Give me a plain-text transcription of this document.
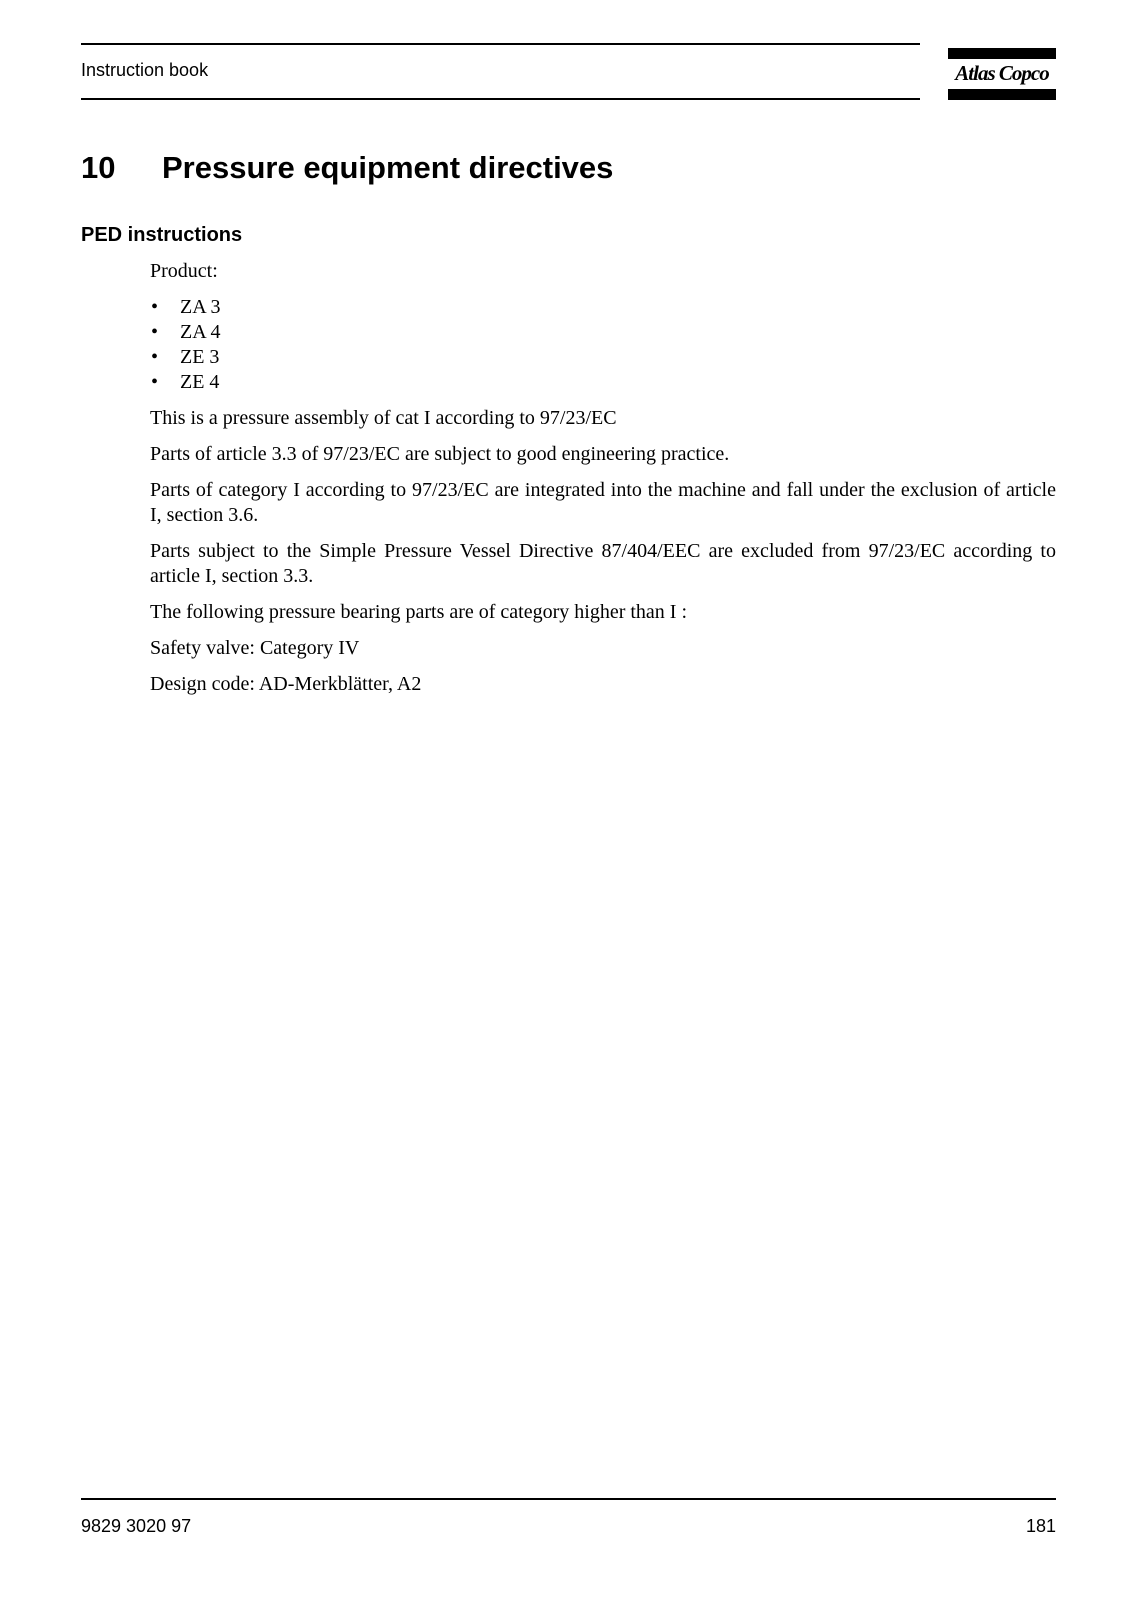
Instruction book	Atlas Copco
10 Pressure equipment directives
PED instructions

Product:

• ZA 3
• ZA 4
• ZE 3
• ZE 4

This is a pressure assembly of cat I according to 97/23/EC

Parts of article 3.3 of 97/23/EC are subject to good engineering practice.

Parts of category I according to 97/23/EC are integrated into the machine and fall under the exclusion of article I, section 3.6.

Parts subject to the Simple Pressure Vessel Directive 87/404/EEC are excluded from 97/23/EC according to article I, section 3.3.

The following pressure bearing parts are of category higher than I :

Safety valve: Category IV

Design code: AD-Merkblätter, A2

9829 3020 97	181
